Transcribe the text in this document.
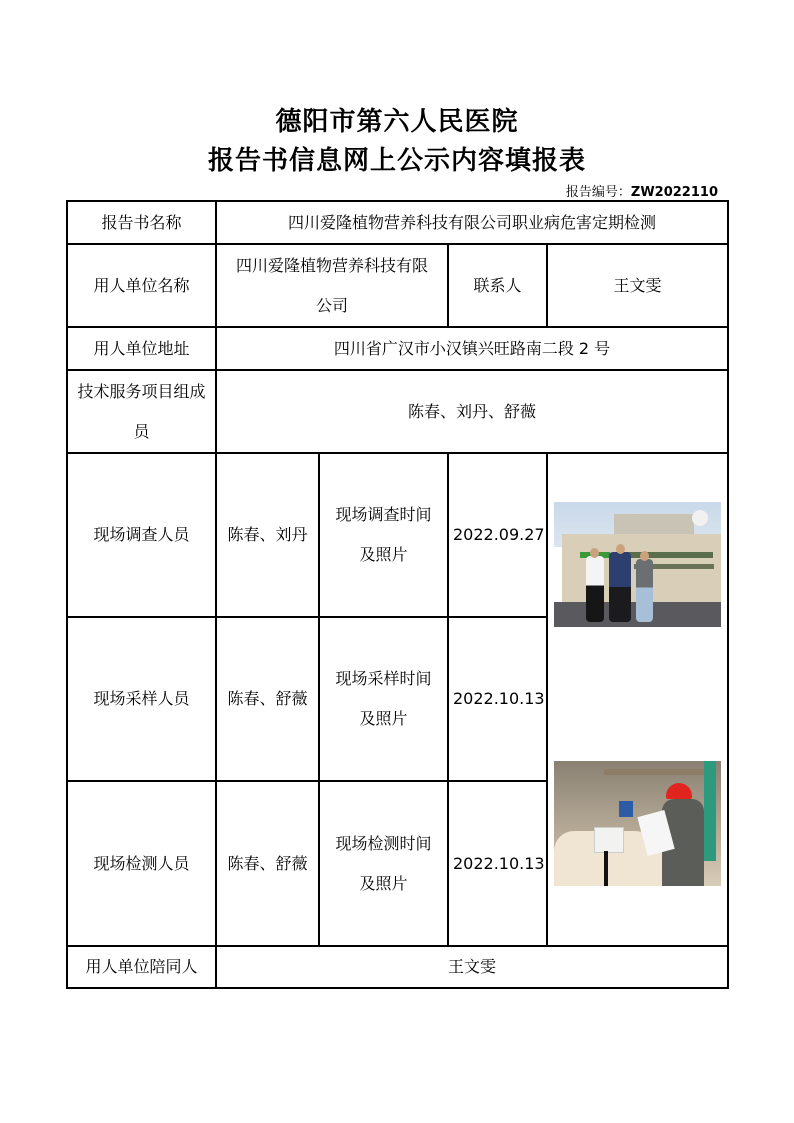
德阳市第六人民医院
报告书信息网上公示内容填报表
报告编号：ZW2022110
报告书名称	四川爱隆植物营养科技有限公司职业病危害定期检测			
用人单位名称	四川爱隆植物营养科技有限公司		联系人	王文雯
用人单位地址	四川省广汉市小汉镇兴旺路南二段 2 号			
技术服务项目组成员	陈春、刘丹、舒薇			
现场调查人员	陈春、刘丹	现场调查时间及照片	2022.09.27	

现场采样人员	陈春、舒薇	现场采样时间及照片	2022.10.13	
现场检测人员	陈春、舒薇	现场检测时间及照片	2022.10.13	
用人单位陪同人	王文雯			
